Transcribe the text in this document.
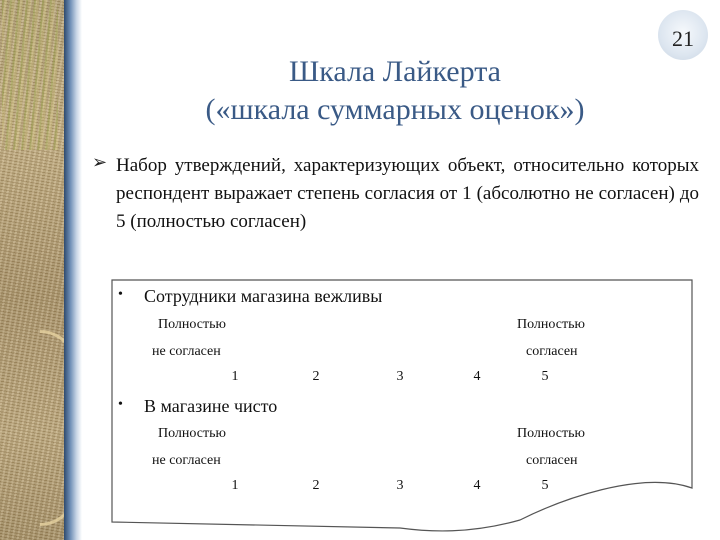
21
Шкала Лайкерта
(«шкала суммарных оценок»)
➢ Набор утверждений, характеризующих объект, относительно которых респондент выражает степень согласия от 1 (абсолютно не согласен) до 5 (полностью согласен)
• Сотрудники магазина вежливы
Полностью
не согласен
Полностью
согласен
1	2	3	4	5
• В магазине чисто
Полностью
не согласен
Полностью
согласен
1	2	3	4	5
